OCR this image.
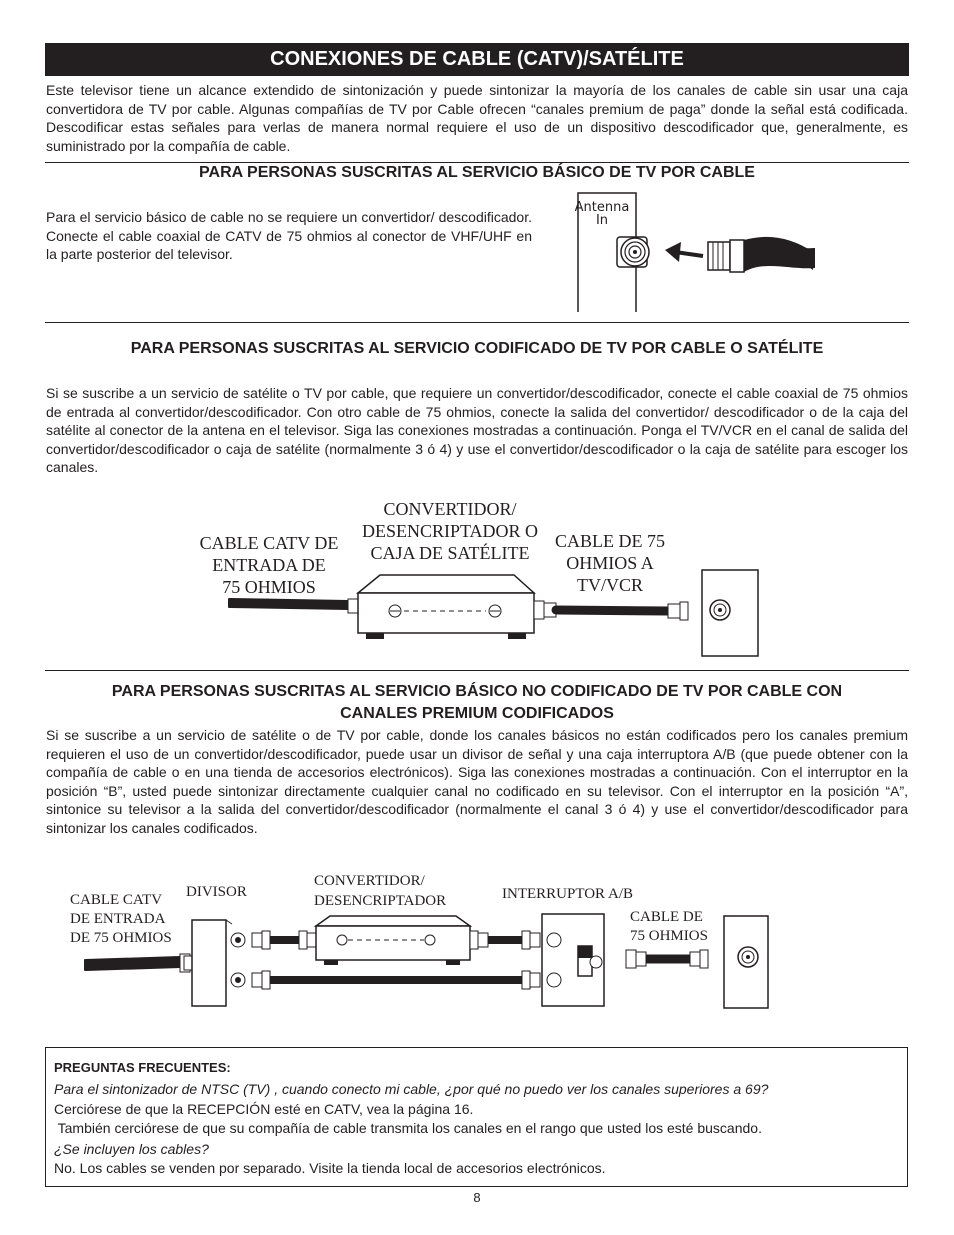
CONEXIONES DE CABLE (CATV)/SATÉLITE
Este televisor tiene un alcance extendido de sintonización y puede sintonizar la mayoría de los canales de cable sin usar una caja convertidora de TV por cable. Algunas compañías de TV por Cable ofrecen “canales premium de paga” donde la señal está codificada. Descodificar estas señales para verlas de manera normal requiere el uso de un dispositivo descodificador que, generalmente, es suministrado por la compañía de cable.
PARA PERSONAS SUSCRITAS AL SERVICIO BÁSICO DE TV POR CABLE
Para el servicio básico de cable no se requiere un convertidor/ descodificador. Conecte el cable coaxial de CATV de 75 ohmios al conector de VHF/UHF en la parte posterior del televisor.
Antenna
In
PARA PERSONAS SUSCRITAS AL SERVICIO CODIFICADO DE TV POR CABLE O SATÉLITE
Si se suscribe a un servicio de satélite o TV por cable, que requiere un convertidor/descodificador, conecte el cable coaxial de 75 ohmios de entrada al convertidor/descodificador. Con otro cable de 75 ohmios, conecte la salida del convertidor/ descodificador o de la caja del satélite al conector de la antena en el televisor. Siga las conexiones mostradas a continuación. Ponga el TV/VCR en el canal de salida del convertidor/descodificador o caja de satélite (normalmente 3 ó 4) y use el convertidor/descodificador o la caja de satélite para escoger los canales.
CABLE CATV DE
ENTRADA DE
75 OHMIOS
CONVERTIDOR/
DESENCRIPTADOR O
CAJA DE SATÉLITE
CABLE DE 75
OHMIOS A
TV/VCR
PARA PERSONAS SUSCRITAS AL SERVICIO BÁSICO NO CODIFICADO DE TV POR CABLE CON
CANALES PREMIUM CODIFICADOS
Si se suscribe a un servicio de satélite o de TV por cable, donde los canales básicos no están codificados pero los canales premium requieren el uso de un convertidor/descodificador, puede usar un divisor de señal y una caja interruptora A/B (que puede obtener con la compañía de cable o en una tienda de accesorios electrónicos). Siga las conexiones mostradas a continuación. Con el interruptor en la posición “B”, usted puede sintonizar directamente cualquier canal no codificado en su televisor. Con el interruptor en la posición “A”, sintonice su televisor a la salida del convertidor/descodificador (normalmente el canal 3 ó 4) y use el convertidor/descodificador para sintonizar los canales codificados.
CABLE CATV
DE ENTRADA
DE 75 OHMIOS
DIVISOR
CONVERTIDOR/
DESENCRIPTADOR	INTERRUPTOR A/B
CABLE DE
75 OHMIOS
PREGUNTAS FRECUENTES:
Para el sintonizador de NTSC (TV) , cuando conecto mi cable, ¿por qué no puedo ver los canales superiores a 69?
Cerciórese de que la RECEPCIÓN esté en CATV, vea la página 16.
También cerciórese de que su compañía de cable transmita los canales en el rango que usted los esté buscando.
¿Se incluyen los cables?
No. Los cables se venden por separado. Visite la tienda local de accesorios electrónicos.
8
